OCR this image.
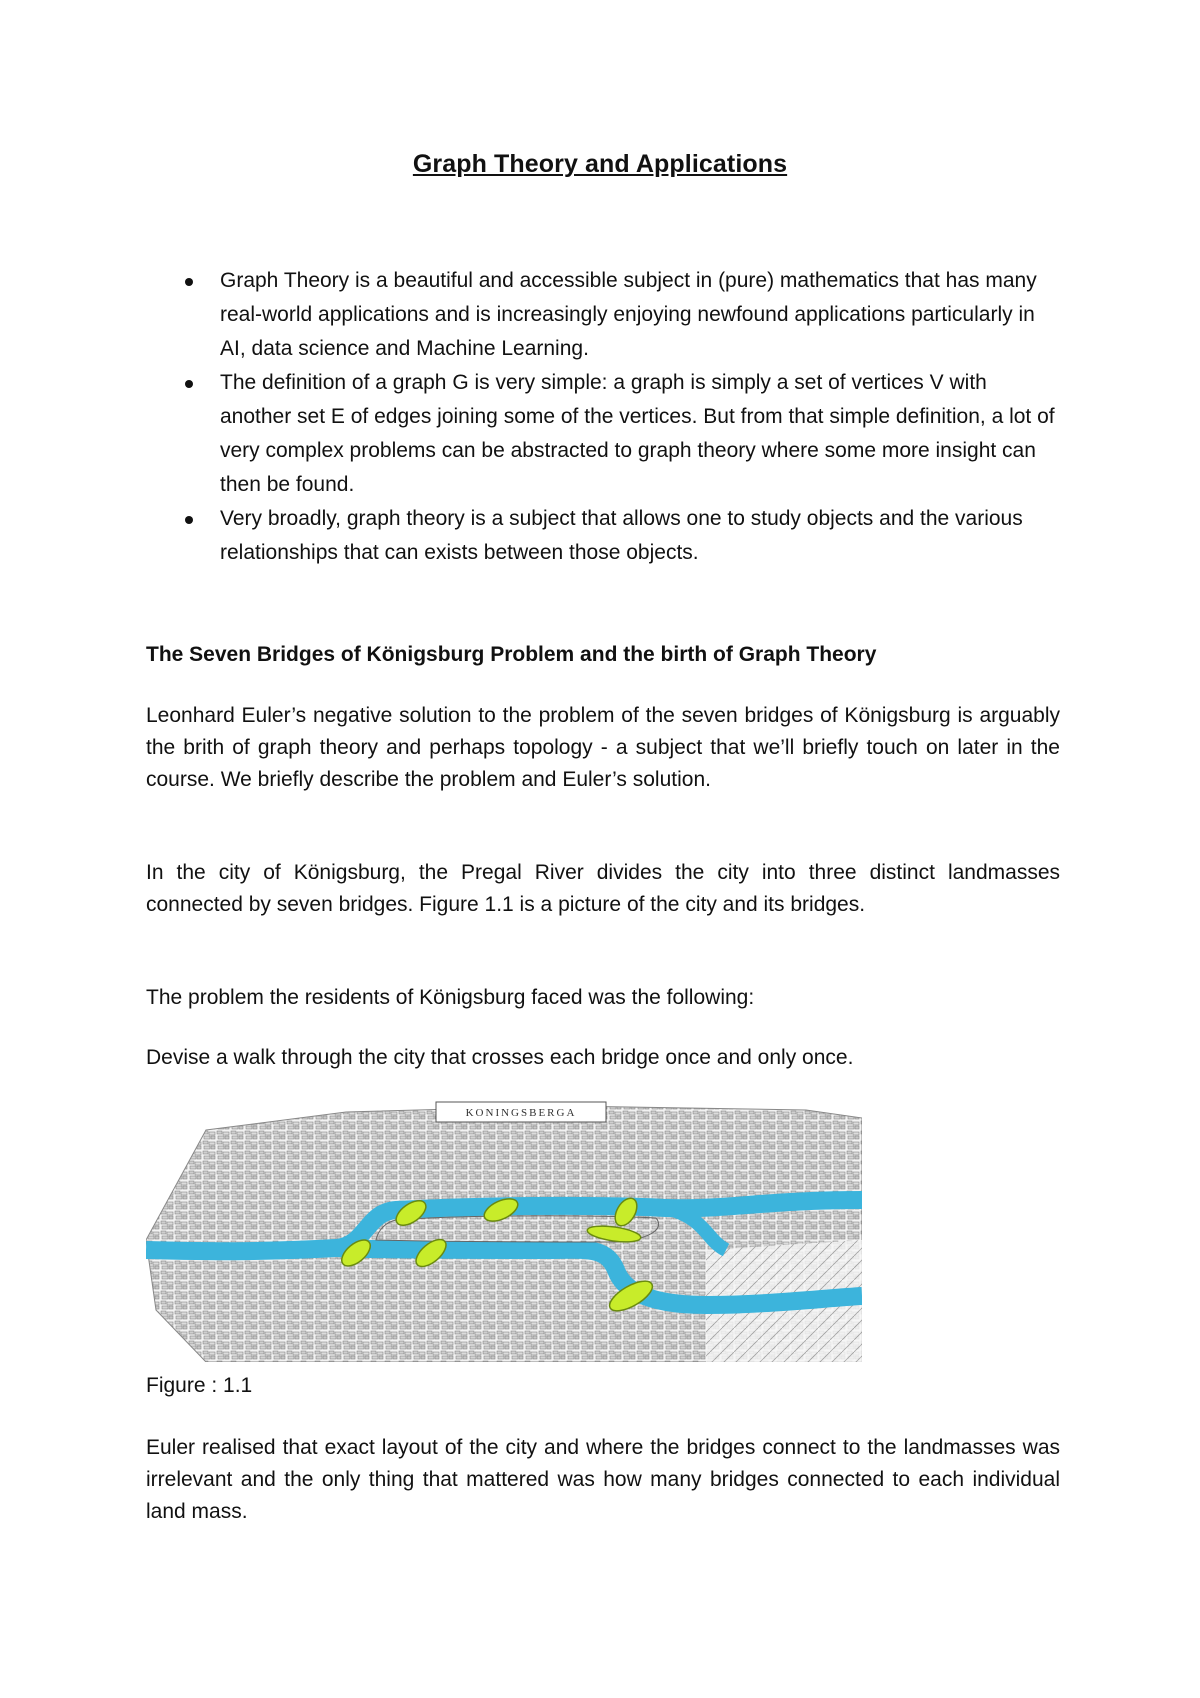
Graph Theory and Applications
Graph Theory is a beautiful and accessible subject in (pure) mathematics that has many real-world applications and is increasingly enjoying newfound applications particularly in AI, data science and Machine Learning.
The definition of a graph G is very simple: a graph is simply a set of vertices V with another set E of edges joining some of the vertices. But from that simple definition, a lot of very complex problems can be abstracted to graph theory where some more insight can then be found.
Very broadly, graph theory is a subject that allows one to study objects and the various relationships that can exists between those objects.
The Seven Bridges of Königsburg Problem and the birth of Graph Theory

Leonhard Euler’s negative solution to the problem of the seven bridges of Königsburg is arguably the brith of graph theory and perhaps topology - a subject that we’ll briefly touch on later in the course. We briefly describe the problem and Euler’s solution.

In the city of Königsburg, the Pregal River divides the city into three distinct landmasses connected by seven bridges. Figure 1.1 is a picture of the city and its bridges.

The problem the residents of Königsburg faced was the following:

Devise a walk through the city that crosses each bridge once and only once.

KONINGSBERGA
Figure : 1.1

Euler realised that exact layout of the city and where the bridges connect to the landmasses was irrelevant and the only thing that mattered was how many bridges connected to each individual land mass.
